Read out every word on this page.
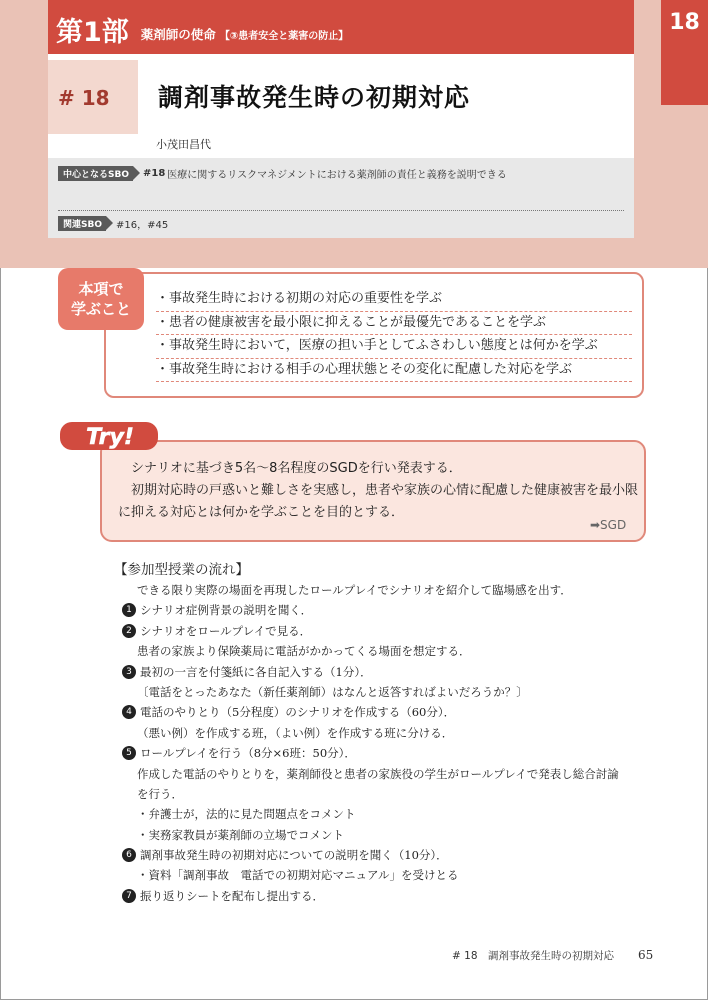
第1部 薬剤師の使命 【③患者安全と薬害の防止】
18
# 18	調剤事故発生時の初期対応
小茂田昌代
中心となるSBO	#18 医療に関するリスクマネジメントにおける薬剤師の責任と義務を説明できる
関連SBO	#16，#45
本項で
学ぶこと
・事故発生時における初期の対応の重要性を学ぶ
・患者の健康被害を最小限に抑えることが最優先であることを学ぶ
・事故発生時において，医療の担い手としてふさわしい態度とは何かを学ぶ
・事故発生時における相手の心理状態とその変化に配慮した対応を学ぶ
Try!

シナリオに基づき5名〜8名程度のSGDを行い発表する．

初期対応時の戸惑いと難しさを実感し，患者や家族の心情に配慮した健康被害を最小限に抑える対応とは何かを学ぶことを目的とする．

➡SGD
【参加型授業の流れ】
できる限り実際の場面を再現したロールプレイでシナリオを紹介して臨場感を出す．
1 シナリオ症例背景の説明を聞く．
2 シナリオをロールプレイで見る．
患者の家族より保険薬局に電話がかかってくる場面を想定する．
3 最初の一言を付箋紙に各自記入する（1分）．
〔電話をとったあなた（新任薬剤師）はなんと返答すればよいだろうか？〕
4 電話のやりとり（5分程度）のシナリオを作成する（60分）．
（悪い例）を作成する班，（よい例）を作成する班に分ける．
5 ロールプレイを行う（8分×6班：50分）．
作成した電話のやりとりを，薬剤師役と患者の家族役の学生がロールプレイで発表し総合討論
を行う．
・弁護士が，法的に見た問題点をコメント
・実務家教員が薬剤師の立場でコメント
6 調剤事故発生時の初期対応についての説明を聞く（10分）．
・資料「調剤事故　電話での初期対応マニュアル」を受けとる
7 振り返りシートを配布し提出する．
# 18　調剤事故発生時の初期対応 65
